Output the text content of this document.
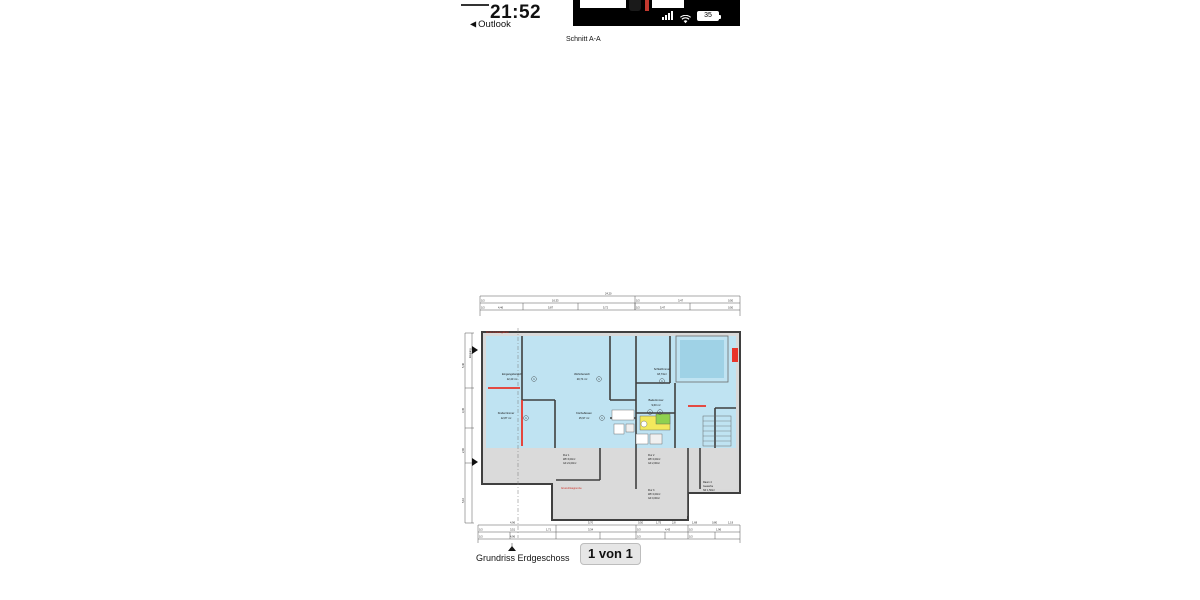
35
21:52
◀ Outlook
Schnitt A-A
Grundriss Erdgeschoss	1 von 1
24,20
16,33	3,47
4,46	5,87	5,72	5,47
0,3
0,3
0,50
0,50
0,3
0,3
5,40
3,45
2,90
5,10
Eingang
Grundrissangaben
Grundrissgrenze
Eingangsbereich
12,43 m²	1
Wohnbereich
20,74 m²	1
Schlafzimmer
18,73m²
1
Kinderzimmer
12,87 m²	1
Küche/Essen
15,97 m²	1
Badezimmer
9,60 m²
1	1
Flur 1
WF 6,00m²
GF 21,00m²
Flur 2
WF 0,00m²
GF 2,00m²
Flur 3
WF 0,00m²
GF 0,00m²
Raum 4
Gewerbe
NF 1,50m²
4,96	5,70	0,50	1,75	2,8	1,68	0,80	1,19
3,51	1,71	3,34	4,43	1,96
4,96
0,3
0,3
0,3
0,3
0,3
0,3
